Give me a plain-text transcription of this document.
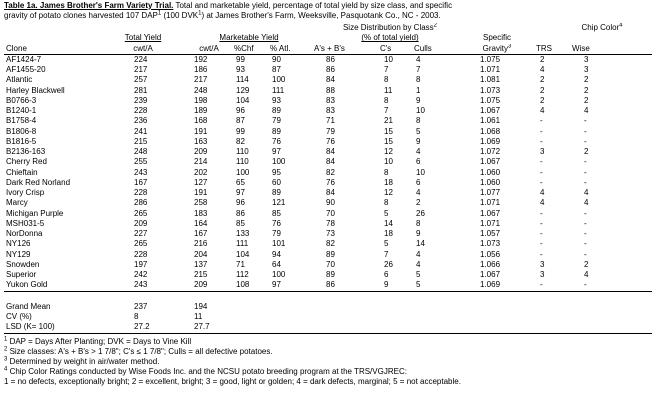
Table 1a. James Brother's Farm Variety Trial. Total and marketable yield, percentage of total yield by size class, and specific
gravity of potato clones harvested 107 DAP$^1$ (100 DVK$^1$) at James Brother's Farm, Weeksville, Pasquotank Co., NC - 2003.
					Size Distribution by Class$^2$				Chip Color$^4$
	Total Yield	Marketable Yield			(% of total yield)			Specific		
Clone	cwt/A	cwt/A	%Chf	% Atl.	A's + B's	C's	Culls	Gravity$^3$	TRS	Wise
AF1424-7	224	192	99	90	86	10	4	1.075	2	3
AF1455-20	217	186	93	87	86	7	7	1.071	4	3
Atlantic	257	217	114	100	84	8	8	1.081	2	2
Harley Blackwell	281	248	129	111	88	11	1	1.073	2	2
B0766-3	239	198	104	93	83	8	9	1.075	2	2
B1240-1	228	189	96	89	83	7	10	1.067	4	4
B1758-4	236	168	87	79	71	21	8	1.061	-	-
B1806-8	241	191	99	89	79	15	5	1.068	-	-
B1816-5	215	163	82	76	76	15	9	1.069	-	-
B2136-163	248	209	110	97	84	12	4	1.072	3	2
Cherry Red	255	214	110	100	84	10	6	1.067	-	-
Chieftain	243	202	100	95	82	8	10	1.060	-	-
Dark Red Norland	167	127	65	60	76	18	6	1.060	-	-
Ivory Crisp	228	191	97	89	84	12	4	1.077	4	4
Marcy	286	258	96	121	90	8	2	1.071	4	4
Michigan Purple	265	183	86	85	70	5	26	1.067	-	-
MSH031-5	209	164	85	76	78	14	8	1.071	-	-
NorDonna	227	167	133	79	73	18	9	1.057	-	-
NY126	265	216	111	101	82	5	14	1.073	-	-
NY129	228	204	104	94	89	7	4	1.056	-	-
Snowden	197	137	71	64	70	26	4	1.066	3	2
Superior	242	215	112	100	89	6	5	1.067	3	4
Yukon Gold	243	209	108	97	86	9	5	1.069	-	-

Grand Mean	237	194								
CV (%)	8	11								
LSD (K= 100)	27.2	27.7								
$^1$ DAP = Days After Planting; DVK = Days to Vine Kill
$^2$ Size classes: A's + B's > 1 7/8"; C's ≤ 1 7/8"; Culls = all defective potatoes.
$^3$ Determined by weight in air/water method.
$^4$ Chip Color Ratings conducted by Wise Foods Inc. and the NCSU potato breeding program at the TRS/VGJREC:
1 = no defects, exceptionally bright; 2 = excellent, bright; 3 = good, light or golden; 4 = dark defects, marginal; 5 = not acceptable.
